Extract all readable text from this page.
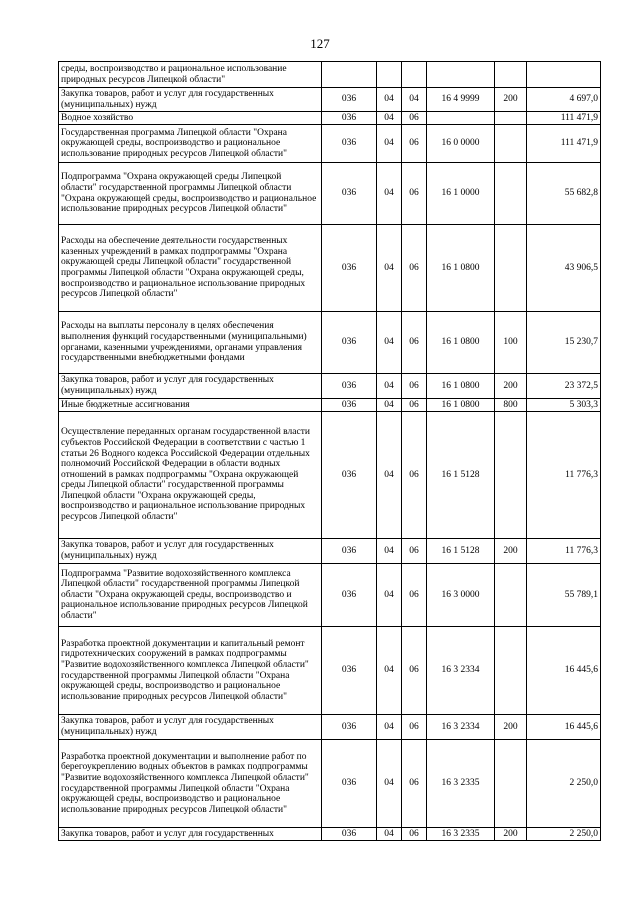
127
среды, воспроизводство и рациональное использование природных ресурсов Липецкой области"						
Закупка товаров, работ и услуг для государственных (муниципальных) нужд	036	04	04	16 4 9999	200	4 697,0
Водное хозяйство	036	04	06			111 471,9
Государственная программа Липецкой области "Охрана окружающей среды, воспроизводство и рациональное использование природных ресурсов Липецкой области"	036	04	06	16 0 0000		111 471,9
Подпрограмма "Охрана окружающей среды Липецкой области" государственной программы Липецкой области "Охрана окружающей среды, воспроизводство и рациональное использование природных ресурсов Липецкой области"	036	04	06	16 1 0000		55 682,8
Расходы на обеспечение деятельности государственных казенных учреждений в рамках подпрограммы "Охрана окружающей среды Липецкой области" государственной программы Липецкой области "Охрана окружающей среды, воспроизводство и рациональное использование природных ресурсов Липецкой области"	036	04	06	16 1 0800		43 906,5
Расходы на выплаты персоналу в целях обеспечения выполнения функций государственными (муниципальными) органами, казенными учреждениями, органами управления государственными внебюджетными фондами	036	04	06	16 1 0800	100	15 230,7
Закупка товаров, работ и услуг для государственных (муниципальных) нужд	036	04	06	16 1 0800	200	23 372,5
Иные бюджетные ассигнования	036	04	06	16 1 0800	800	5 303,3
Осуществление переданных органам государственной власти субъектов Российской Федерации в соответствии с частью 1 статьи 26 Водного кодекса Российской Федерации отдельных полномочий Российской Федерации в области водных отношений в рамках подпрограммы "Охрана окружающей среды Липецкой области" государственной программы Липецкой области "Охрана окружающей среды, воспроизводство и рациональное использование природных ресурсов Липецкой области"	036	04	06	16 1 5128		11 776,3
Закупка товаров, работ и услуг для государственных (муниципальных) нужд	036	04	06	16 1 5128	200	11 776,3
Подпрограмма "Развитие водохозяйственного комплекса Липецкой области" государственной программы Липецкой области "Охрана окружающей среды, воспроизводство и рациональное использование природных ресурсов Липецкой области"	036	04	06	16 3 0000		55 789,1
Разработка проектной документации и капитальный ремонт гидротехнических сооружений в рамках подпрограммы "Развитие водохозяйственного комплекса Липецкой области" государственной программы Липецкой области "Охрана окружающей среды, воспроизводство и рациональное использование природных ресурсов Липецкой области"	036	04	06	16 3 2334		16 445,6
Закупка товаров, работ и услуг для государственных (муниципальных) нужд	036	04	06	16 3 2334	200	16 445,6
Разработка проектной документации и выполнение работ по берегоукреплению водных объектов в рамках подпрограммы "Развитие водохозяйственного комплекса Липецкой области" государственной программы Липецкой области "Охрана окружающей среды, воспроизводство и рациональное использование природных ресурсов Липецкой области"	036	04	06	16 3 2335		2 250,0
Закупка товаров, работ и услуг для государственных	036	04	06	16 3 2335	200	2 250,0
